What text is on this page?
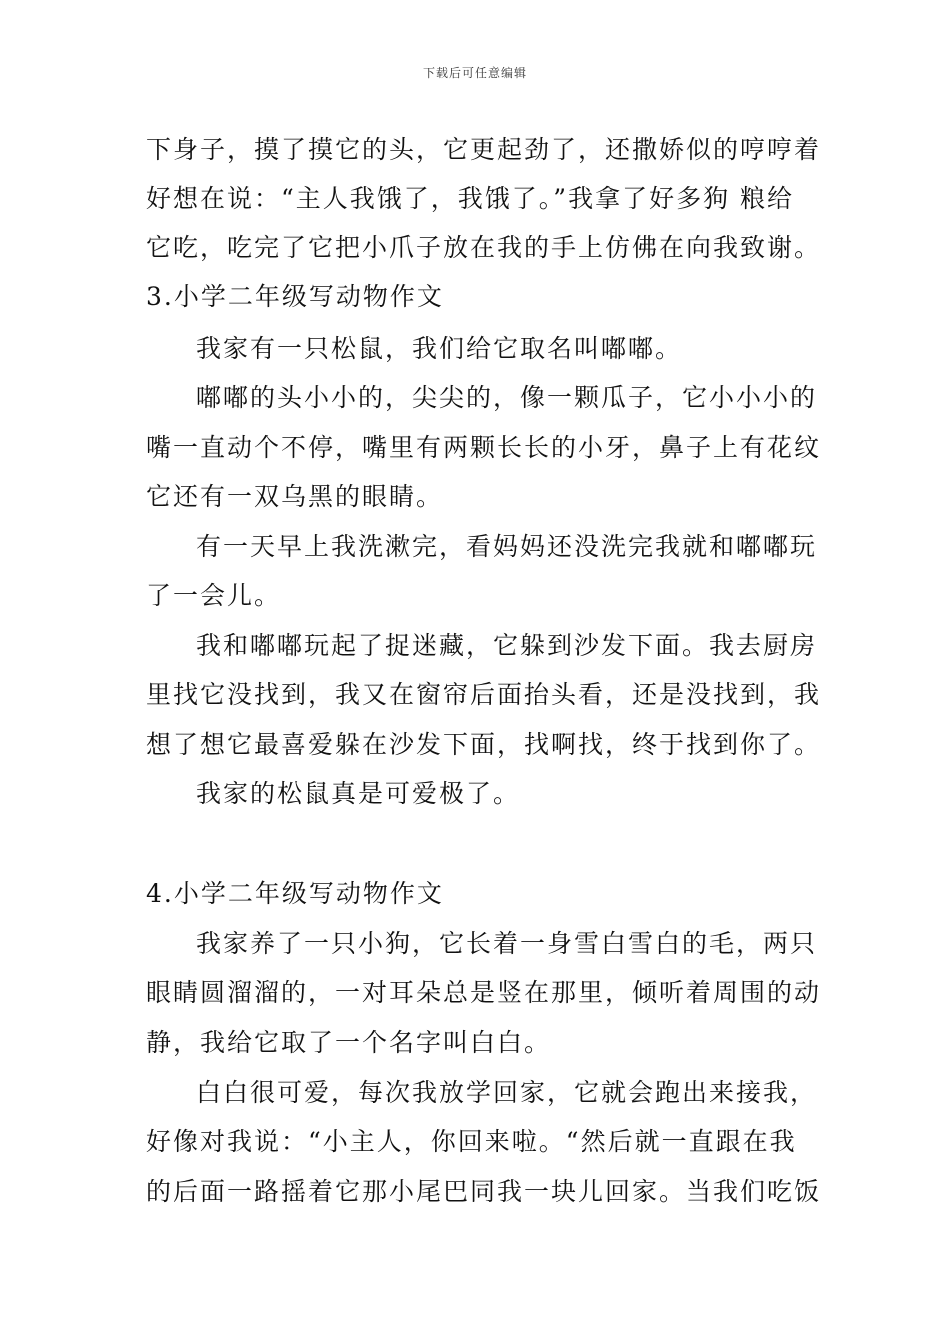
下载后可任意编辑
下身子，摸了摸它的头，它更起劲了，还撒娇似的哼哼着
好想在说：“主人我饿了，我饿了。”我拿了好多狗 粮给
它吃，吃完了它把小爪子放在我的手上仿佛在向我致谢。
3.小学二年级写动物作文
我家有一只松鼠，我们给它取名叫嘟嘟。
嘟嘟的头小小的，尖尖的，像一颗瓜子，它小小小的
嘴一直动个不停，嘴里有两颗长长的小牙，鼻子上有花纹
它还有一双乌黑的眼睛。
有一天早上我洗漱完，看妈妈还没洗完我就和嘟嘟玩
了一会儿。
我和嘟嘟玩起了捉迷藏，它躲到沙发下面。我去厨房
里找它没找到，我又在窗帘后面抬头看，还是没找到，我
想了想它最喜爱躲在沙发下面，找啊找，终于找到你了。
我家的松鼠真是可爱极了。
4.小学二年级写动物作文
我家养了一只小狗，它长着一身雪白雪白的毛，两只
眼睛圆溜溜的，一对耳朵总是竖在那里，倾听着周围的动
静，我给它取了一个名字叫白白。
白白很可爱，每次我放学回家，它就会跑出来接我，
好像对我说：“小主人，你回来啦。“然后就一直跟在我
的后面一路摇着它那小尾巴同我一块儿回家。当我们吃饭
